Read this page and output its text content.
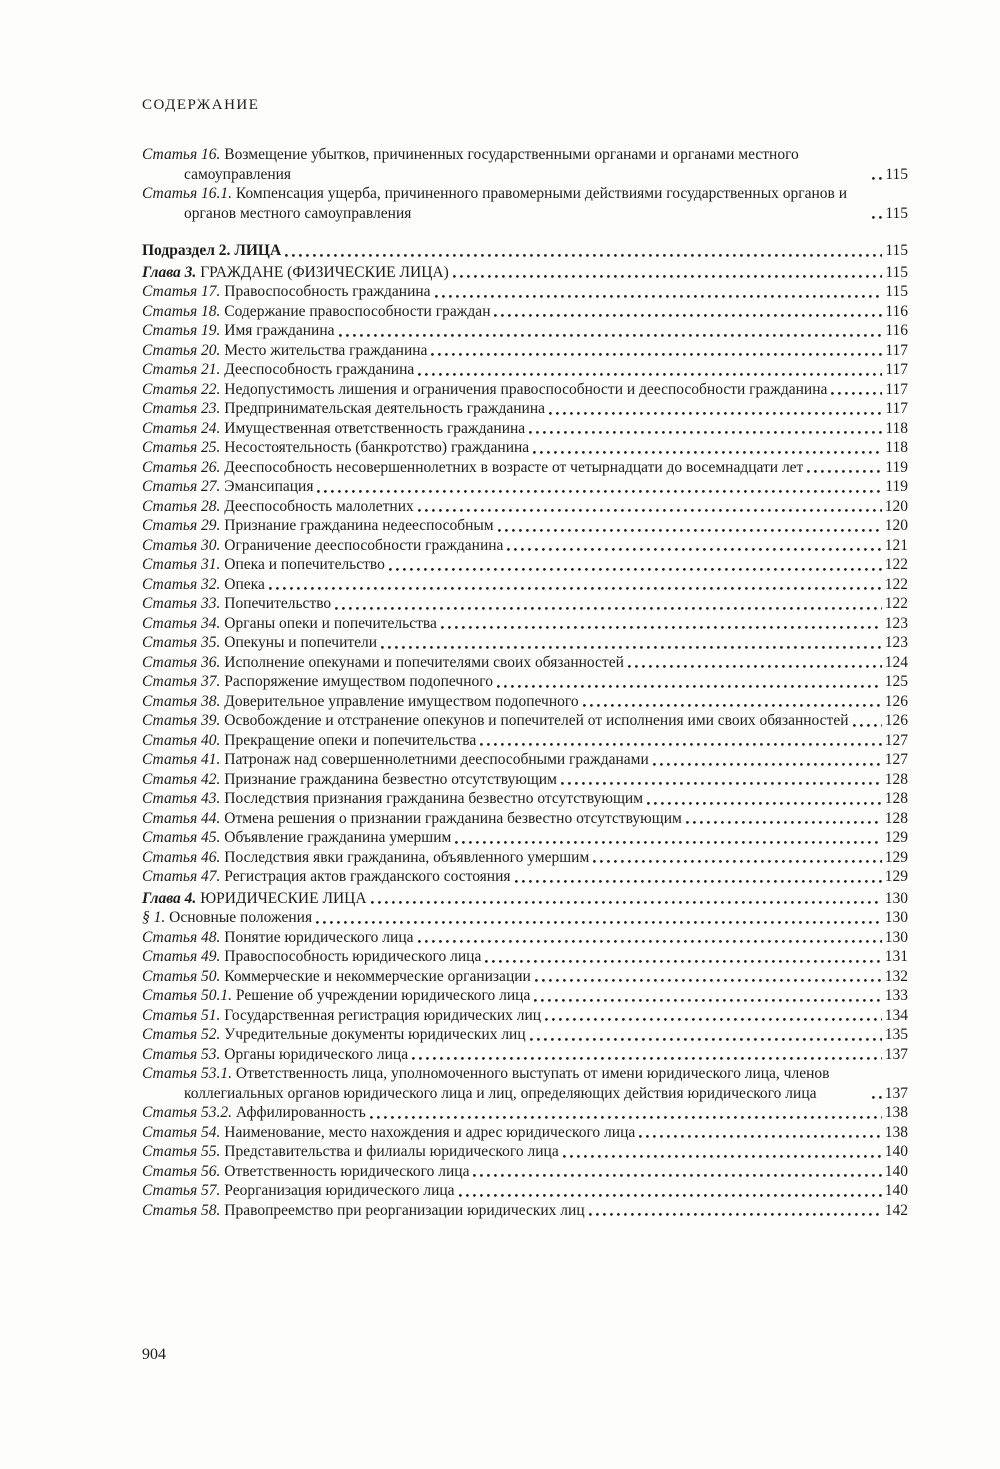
СОДЕРЖАНИЕ
Статья 16. Возмещение убытков, причиненных государственными органами и органами местного самоуправления	115
Статья 16.1. Компенсация ущерба, причиненного правомерными действиями государственных органов и органов местного самоуправления	115
Подраздел 2. ЛИЦА	115
Глава 3. ГРАЖДАНЕ (ФИЗИЧЕСКИЕ ЛИЦА)	115
Статья 17. Правоспособность гражданина	115
Статья 18. Содержание правоспособности граждан	116
Статья 19. Имя гражданина	116
Статья 20. Место жительства гражданина	117
Статья 21. Дееспособность гражданина	117
Статья 22. Недопустимость лишения и ограничения правоспособности и дееспособности гражданина	117
Статья 23. Предпринимательская деятельность гражданина	117
Статья 24. Имущественная ответственность гражданина	118
Статья 25. Несостоятельность (банкротство) гражданина	118
Статья 26. Дееспособность несовершеннолетних в возрасте от четырнадцати до восемнадцати лет	119
Статья 27. Эмансипация	119
Статья 28. Дееспособность малолетних	120
Статья 29. Признание гражданина недееспособным	120
Статья 30. Ограничение дееспособности гражданина	121
Статья 31. Опека и попечительство	122
Статья 32. Опека	122
Статья 33. Попечительство	122
Статья 34. Органы опеки и попечительства	123
Статья 35. Опекуны и попечители	123
Статья 36. Исполнение опекунами и попечителями своих обязанностей	124
Статья 37. Распоряжение имуществом подопечного	125
Статья 38. Доверительное управление имуществом подопечного	126
Статья 39. Освобождение и отстранение опекунов и попечителей от исполнения ими своих обязанностей 126
Статья 40. Прекращение опеки и попечительства	127
Статья 41. Патронаж над совершеннолетними дееспособными гражданами	127
Статья 42. Признание гражданина безвестно отсутствующим	128
Статья 43. Последствия признания гражданина безвестно отсутствующим	128
Статья 44. Отмена решения о признании гражданина безвестно отсутствующим	128
Статья 45. Объявление гражданина умершим	129
Статья 46. Последствия явки гражданина, объявленного умершим	129
Статья 47. Регистрация актов гражданского состояния	129
Глава 4. ЮРИДИЧЕСКИЕ ЛИЦА	130
§ 1. Основные положения	130
Статья 48. Понятие юридического лица	130
Статья 49. Правоспособность юридического лица	131
Статья 50. Коммерческие и некоммерческие организации	132
Статья 50.1. Решение об учреждении юридического лица	133
Статья 51. Государственная регистрация юридических лиц	134
Статья 52. Учредительные документы юридических лиц	135
Статья 53. Органы юридического лица	137
Статья 53.1. Ответственность лица, уполномоченного выступать от имени юридического лица, членов коллегиальных органов юридического лица и лиц, определяющих действия юридического лица	137
Статья 53.2. Аффилированность	138
Статья 54. Наименование, место нахождения и адрес юридического лица	138
Статья 55. Представительства и филиалы юридического лица	140
Статья 56. Ответственность юридического лица	140
Статья 57. Реорганизация юридического лица	140
Статья 58. Правопреемство при реорганизации юридических лиц	142
904
